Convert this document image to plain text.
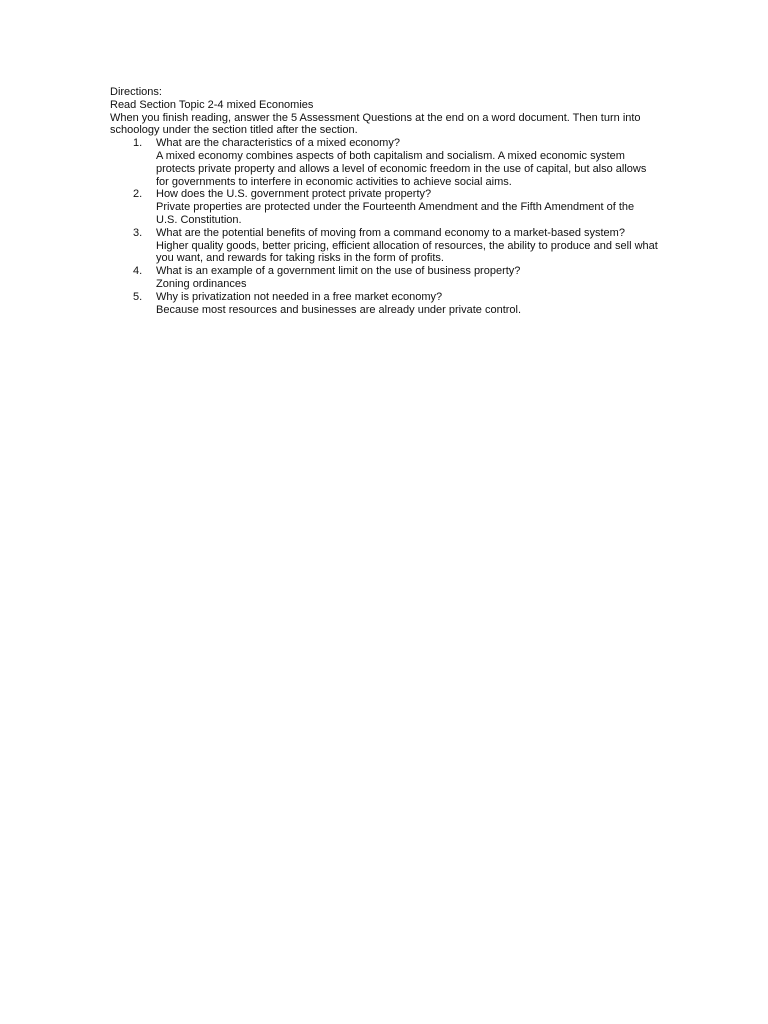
Directions:

Read Section Topic 2-4 mixed Economies

When you finish reading, answer the 5 Assessment Questions at the end on a word document. Then turn into schoology under the section titled after the section.

1. What are the characteristics of a mixed economy?
A mixed economy combines aspects of both capitalism and socialism. A mixed economic system protects private property and allows a level of economic freedom in the use of capital, but also allows for governments to interfere in economic activities to achieve social aims.
2. How does the U.S. government protect private property?
Private properties are protected under the Fourteenth Amendment and the Fifth Amendment of the U.S. Constitution.
3. What are the potential benefits of moving from a command economy to a market-based system?
Higher quality goods, better pricing, efficient allocation of resources, the ability to produce and sell what you want, and rewards for taking risks in the form of profits.
4. What is an example of a government limit on the use of business property?
Zoning ordinances
5. Why is privatization not needed in a free market economy?
Because most resources and businesses are already under private control.
